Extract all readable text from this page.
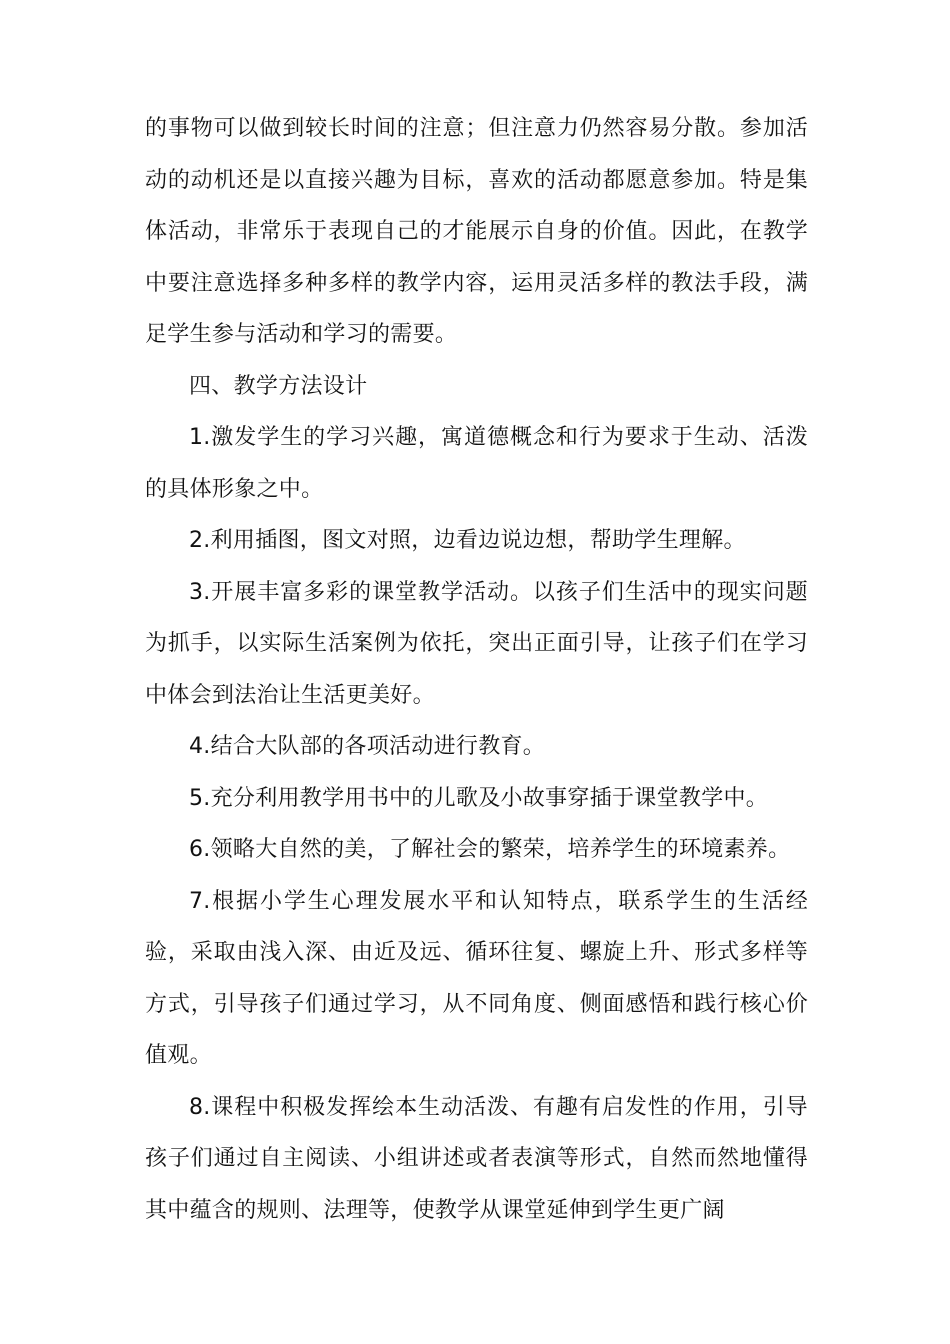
的事物可以做到较长时间的注意；但注意力仍然容易分散。参加活动的动机还是以直接兴趣为目标，喜欢的活动都愿意参加。特是集体活动，非常乐于表现自己的才能展示自身的价值。因此，在教学中要注意选择多种多样的教学内容，运用灵活多样的教法手段，满足学生参与活动和学习的需要。

四、教学方法设计

1.激发学生的学习兴趣，寓道德概念和行为要求于生动、活泼的具体形象之中。

2.利用插图，图文对照，边看边说边想，帮助学生理解。

3.开展丰富多彩的课堂教学活动。以孩子们生活中的现实问题为抓手，以实际生活案例为依托，突出正面引导，让孩子们在学习中体会到法治让生活更美好。

4.结合大队部的各项活动进行教育。

5.充分利用教学用书中的儿歌及小故事穿插于课堂教学中。

6.领略大自然的美，了解社会的繁荣，培养学生的环境素养。

7.根据小学生心理发展水平和认知特点，联系学生的生活经验，采取由浅入深、由近及远、循环往复、螺旋上升、形式多样等方式，引导孩子们通过学习，从不同角度、侧面感悟和践行核心价值观。

8.课程中积极发挥绘本生动活泼、有趣有启发性的作用，引导孩子们通过自主阅读、小组讲述或者表演等形式，自然而然地懂得其中蕴含的规则、法理等，使教学从课堂延伸到学生更广阔
